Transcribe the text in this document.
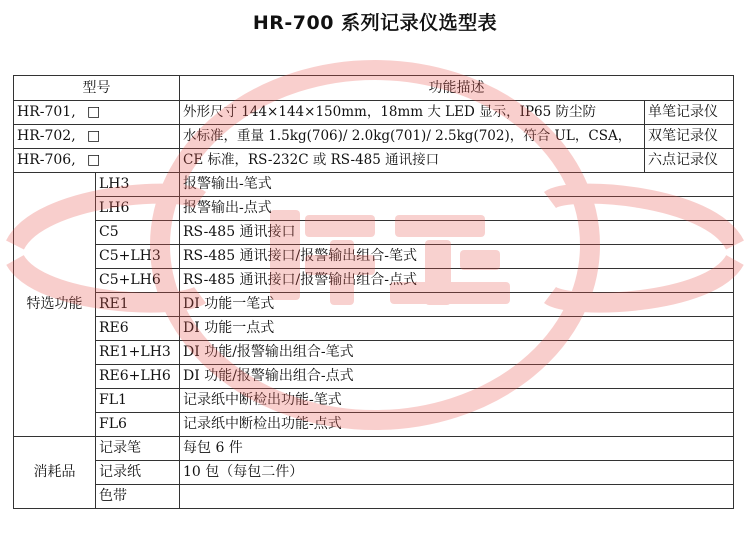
HR-700 系列记录仪选型表
型号		功能描述	
HR-701, □		外形尺寸 144×144×150mm，18mm 大 LED 显示，IP65 防尘防	单笔记录仪
HR-702, □		水标准，重量 1.5kg(706)/ 2.0kg(701)/ 2.5kg(702)，符合 UL，CSA，	双笔记录仪
HR-706, □		CE 标准，RS-232C 或 RS-485 通讯接口	六点记录仪
特选功能	LH3	报警输出-笔式	
	LH6	报警输出-点式	
	C5	RS-485 通讯接口	
	C5+LH3	RS-485 通讯接口/报警输出组合-笔式	
	C5+LH6	RS-485 通讯接口/报警输出组合-点式	
	RE1	DI 功能一笔式	
	RE6	DI 功能一点式	
	RE1+LH3	DI 功能/报警输出组合-笔式	
	RE6+LH6	DI 功能/报警输出组合-点式	
	FL1	记录纸中断检出功能-笔式	
	FL6	记录纸中断检出功能-点式	
消耗品	记录笔	每包 6 件	
	记录纸	10 包（每包二件）	
	色带		
